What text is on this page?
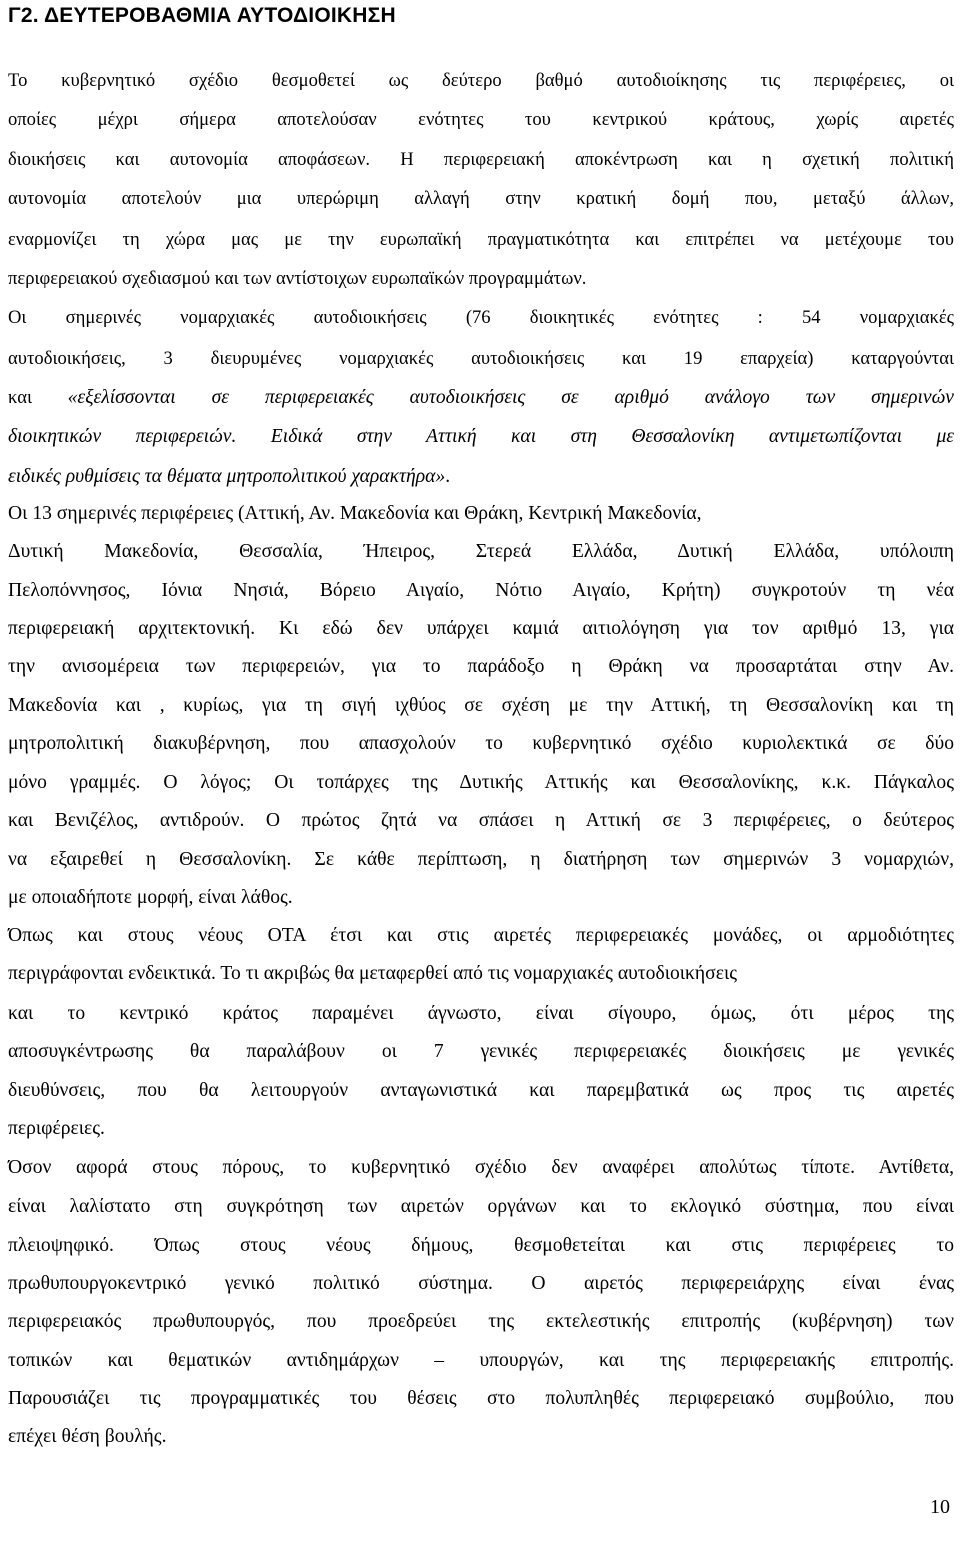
Γ2. ΔΕΥΤΕΡΟΒΑΘΜΙΑ ΑΥΤΟΔΙΟΙΚΗΣΗ
Το κυβερνητικό σχέδιο θεσμοθετεί ως δεύτερο βαθμό αυτοδιοίκησης τις περιφέρειες, οι
οποίες μέχρι σήμερα αποτελούσαν ενότητες του κεντρικού κράτους, χωρίς αιρετές
διοικήσεις και αυτονομία αποφάσεων. Η περιφερειακή αποκέντρωση και η σχετική πολιτική
αυτονομία αποτελούν μια υπερώριμη αλλαγή στην κρατική δομή που, μεταξύ άλλων,
εναρμονίζει τη χώρα μας με την ευρωπαϊκή πραγματικότητα και επιτρέπει να μετέχουμε του
περιφερειακού σχεδιασμού και των αντίστοιχων ευρωπαϊκών προγραμμάτων.
Οι σημερινές νομαρχιακές αυτοδιοικήσεις (76 διοικητικές ενότητες : 54 νομαρχιακές
αυτοδιοικήσεις, 3 διευρυμένες νομαρχιακές αυτοδιοικήσεις και 19 επαρχεία) καταργούνται
και «εξελίσσονται σε περιφερειακές αυτοδιοικήσεις σε αριθμό ανάλογο των σημερινών
διοικητικών περιφερειών. Ειδικά στην Αττική και στη Θεσσαλονίκη αντιμετωπίζονται με
ειδικές ρυθμίσεις τα θέματα μητροπολιτικού χαρακτήρα».
Οι 13 σημερινές περιφέρειες (Αττική, Αν. Μακεδονία και Θράκη, Κεντρική Μακεδονία,
Δυτική Μακεδονία, Θεσσαλία, Ήπειρος, Στερεά Ελλάδα, Δυτική Ελλάδα, υπόλοιπη
Πελοπόννησος, Ιόνια Νησιά, Βόρειο Αιγαίο, Νότιο Αιγαίο, Κρήτη) συγκροτούν τη νέα
περιφερειακή αρχιτεκτονική. Κι εδώ δεν υπάρχει καμιά αιτιολόγηση για τον αριθμό 13, για
την ανισομέρεια των περιφερειών, για το παράδοξο η Θράκη να προσαρτάται στην Αν.
Μακεδονία και , κυρίως, για τη σιγή ιχθύος σε σχέση με την Αττική, τη Θεσσαλονίκη και τη
μητροπολιτική διακυβέρνηση, που απασχολούν το κυβερνητικό σχέδιο κυριολεκτικά σε δύο
μόνο γραμμές. Ο λόγος; Οι τοπάρχες της Δυτικής Αττικής και Θεσσαλονίκης, κ.κ. Πάγκαλος
και Βενιζέλος, αντιδρούν. Ο πρώτος ζητά να σπάσει η Αττική σε 3 περιφέρειες, ο δεύτερος
να εξαιρεθεί η Θεσσαλονίκη. Σε κάθε περίπτωση, η διατήρηση των σημερινών 3 νομαρχιών,
με οποιαδήποτε μορφή, είναι λάθος.
Όπως και στους νέους ΟΤΑ έτσι και στις αιρετές περιφερειακές μονάδες, οι αρμοδιότητες
περιγράφονται ενδεικτικά. Το τι ακριβώς θα μεταφερθεί από τις νομαρχιακές αυτοδιοικήσεις
και το κεντρικό κράτος παραμένει άγνωστο, είναι σίγουρο, όμως, ότι μέρος της
αποσυγκέντρωσης θα παραλάβουν οι 7 γενικές περιφερειακές διοικήσεις με γενικές
διευθύνσεις, που θα λειτουργούν ανταγωνιστικά και παρεμβατικά ως προς τις αιρετές
περιφέρειες.
Όσον αφορά στους πόρους, το κυβερνητικό σχέδιο δεν αναφέρει απολύτως τίποτε. Αντίθετα,
είναι λαλίστατο στη συγκρότηση των αιρετών οργάνων και το εκλογικό σύστημα, που είναι
πλειοψηφικό. Όπως στους νέους δήμους, θεσμοθετείται και στις περιφέρειες το
πρωθυπουργοκεντρικό γενικό πολιτικό σύστημα. Ο αιρετός περιφερειάρχης είναι ένας
περιφερειακός πρωθυπουργός, που προεδρεύει της εκτελεστικής επιτροπής (κυβέρνηση) των
τοπικών και θεματικών αντιδημάρχων – υπουργών, και της περιφερειακής επιτροπής.
Παρουσιάζει τις προγραμματικές του θέσεις στο πολυπληθές περιφερειακό συμβούλιο, που
επέχει θέση βουλής.
10
